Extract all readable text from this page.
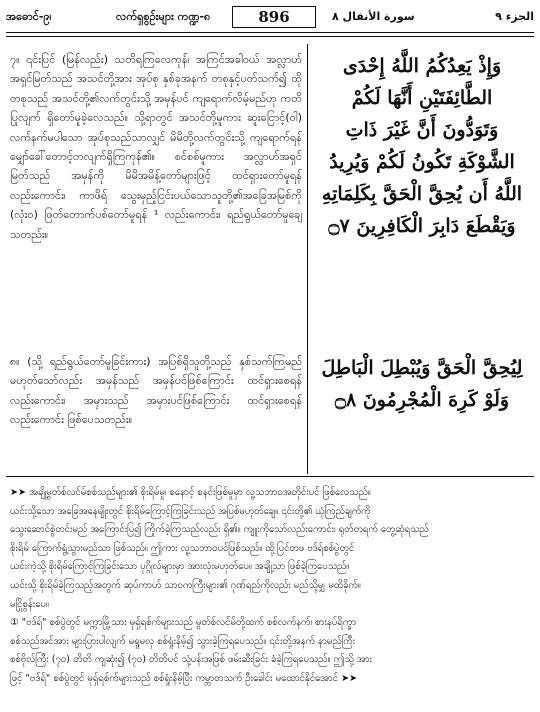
အဓောင်-၉၊	လက်ရှစွဉ်းများ ကဏ္ဍ-၈	896	سورة الأنفال ٨	الجزء ٩
၇။ ၎င်းပြင် (မြန်လည်း) သတိရကြလေကုန်၊ အကြင်အခါ၀ယ် အလ္လာဟ်အရှင်မြတ်သည် အသင်တို့အား အုပ်စု နှစ်ခုအနက် တစုနှင့်ပတ်သက်၍ ထိုတစုသည် အသင်တို့၏လက်တွင်းသို့ အမှန်ပင် ကျရောက်လိမ့်မည်ဟု ကတိပြုလျက် ရှိတော်မူခဲ့လေသည်။ သို့ရာတွင် အသင်တို့မူကား ဆူးငြောင့်(ဝါ) လက်နက်မပါသော အုပ်စုသည်သာလျှင် မိမိတို့လက်တွင်းသို့ ကျရောက်ရန် မျှော်ခေါ်တောင့်တလျက်ရှိကြကုန်၏။ စင်စစ်မူကား အလ္လာဟ်အရှင်မြတ်သည် အမှန်ကို မိမိအမိန့်တော်များဖြင့် ထင်ရှားတော်မူရန်လည်းကောင်း၊ ကာဖိရ် သွေးမှည့်ငြင်းပယ်သောသူတို့၏အခြေအမြစ်ကို (လုံး၀) ဖြတ်တောက်ပစ်တော်မူရန် ¹ လည်းကောင်း၊ ရည်ရွယ်တော်မူချေသတည်း။
၈။ (သို့ ရည်ရွယ်တော်မူခြင်းကား) အပြစ်ရှိသူတို့သည် နှစ်သက်ကြမည် မဟုတ်သော်လည်း အမှန်သည် အမှန်ပင်ဖြစ်ကြောင်း ထင်ရှားစေရန်လည်းကောင်း၊ အမှားသည် အမှားပင်ဖြစ်ကြောင်း ထင်ရှားစေရန်လည်းကောင်း ဖြစ်ပေသတည်း။
وَإِذْ يَعِدُكُمُ اللَّهُ إِحْدَى
الطَّائِفَتَيْنِ أَنَّهَا لَكُمْ
وَتَوَدُّونَ أَنَّ غَيْرَ ذَاتِ
الشَّوْكَةِ تَكُونُ لَكُمْ وَيُرِيدُ
اللَّهُ أَن يُحِقَّ الْحَقَّ بِكَلِمَاتِهِ
وَيَقْطَعَ دَابِرَ الْكَافِرِينَ ۝٧
لِيُحِقَّ الْحَقَّ وَيُبْطِلَ الْبَاطِلَ
وَلَوْ كَرِهَ الْمُجْرِمُونَ ۝٨
➤➤ အချို့မွတ်စ်လင်မ်စစ်သည်များ၏ စိုးရိမ်မှု၊ စနောင့် စနင်းဖြစ်မှုမှာ လူ့သဘာ၀အတိုင်းပင် ဖြစ်လေသည်။
ယင်းသို့သော အခြေအနေမျိုးတွင် စိုးရိမ်ကြောင့်ကြခြင်းသည် အပြစ်မဟုတ်ချေ။ ၎င်းတို့၏ ယုံကြည်ချက်ကို
သွေးဆောင်စွဲတင်းမည် အကြောင်းပြ၍ ကြိုက်ခဲ့ကြသည်လည်း ရှိ၏။ ကျူးကိုသော်လည်းကောင်း၊ ရုတ်တရက် တွေ့ဆုံရသည်
စိုးရိမ် ကြောက်ရွံ့သွားမည်သာ ဖြစ်သည်။ ဤကား လူ့သဘာ၀ပင်ဖြစ်သည်။ ထို့ပြင်တဖ ဗဒ်ရ်စစ်ပွဲတွင်
ယင်းကဲ့သို့ စိုးရိမ်ကြောင့်ကြခြင်းသော ပုဂ္ဂိုလ်များမှာ အားလုံးမဟုတ်ပေ။ အချို့သာ ဖြစ်ခဲ့ကြပေသည်။
ယင်းသို့ စိုးရိမ်ခဲ့ကြသည့်အတွက် ဆုပ်ကာဟ် သာ၀ကကြီးများ၏ ဂုဏ်ရည်ကိုလည်း မည်သို့မျှ မထိခိုက်။
မငြိုစွန်းပေ။
① "ဗဒ်ရ်" စစ်ပွဲတွင် မက္ကာမြို့သား မုရှ်ရစ်က်များသည် မွတ်စ်လင်မ်တို့ထက် စစ်လက်နက်၊ စားနပ်ရိက္ခာ
စစ်သည်အင်အား များပြားပါလျက် မရှုမလှ စစ်ရှုံးနိမ့်၍ သွားခဲ့ကြရပေသည်။ ၎င်းတို့အနက် နာမည်ကြီး
စစ်ဗိုလ်ကြီး (၇၀) တိတိ ကျဆုံး၍ (၇၀) တိတိပင် သုံ့ပန်းအဖြစ် ဖမ်းဆီးခြင်း ခံခဲ့ကြရပေသည်။ ဤသို့ အား
ဖြင့် "ဗဒ်ရ်" စစ်ပွဲတွင် မုရှ်ရစ်က်များသည် စစ်ရှုံးနိမ့်ပြီး ကမ္ဘာတသက် ဦးခေါင်း မထောင်နိုင်အောင် ➤➤
